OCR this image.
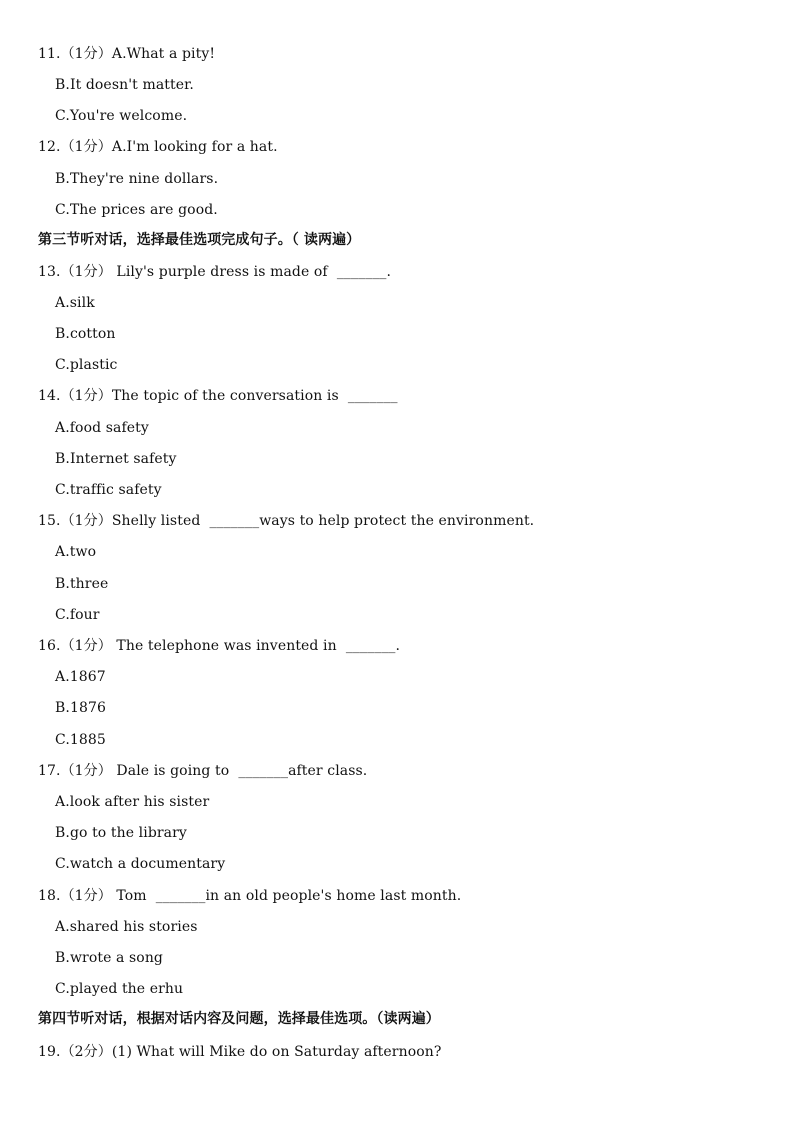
11.（1分）A.What a pity!
B.It doesn't matter.
C.You're welcome.
12.（1分）A.I'm looking for a hat.
B.They're nine dollars.
C.The prices are good.
第三节听对话，选择最佳选项完成句子。（ 读两遍）
13.（1分） Lily's purple dress is made of  _______.
A.silk
B.cotton
C.plastic
14.（1分）The topic of the conversation is  _______
A.food safety
B.Internet safety
C.traffic safety
15.（1分）Shelly listed  _______ways to help protect the environment.
A.two
B.three
C.four
16.（1分） The telephone was invented in  _______.
A.1867
B.1876
C.1885
17.（1分） Dale is going to  _______after class.
A.look after his sister
B.go to the library
C.watch a documentary
18.（1分） Tom  _______in an old people's home last month.
A.shared his stories
B.wrote a song
C.played the erhu
第四节听对话，根据对话内容及问题，选择最佳选项。（读两遍）
19.（2分）(1) What will Mike do on Saturday afternoon?
